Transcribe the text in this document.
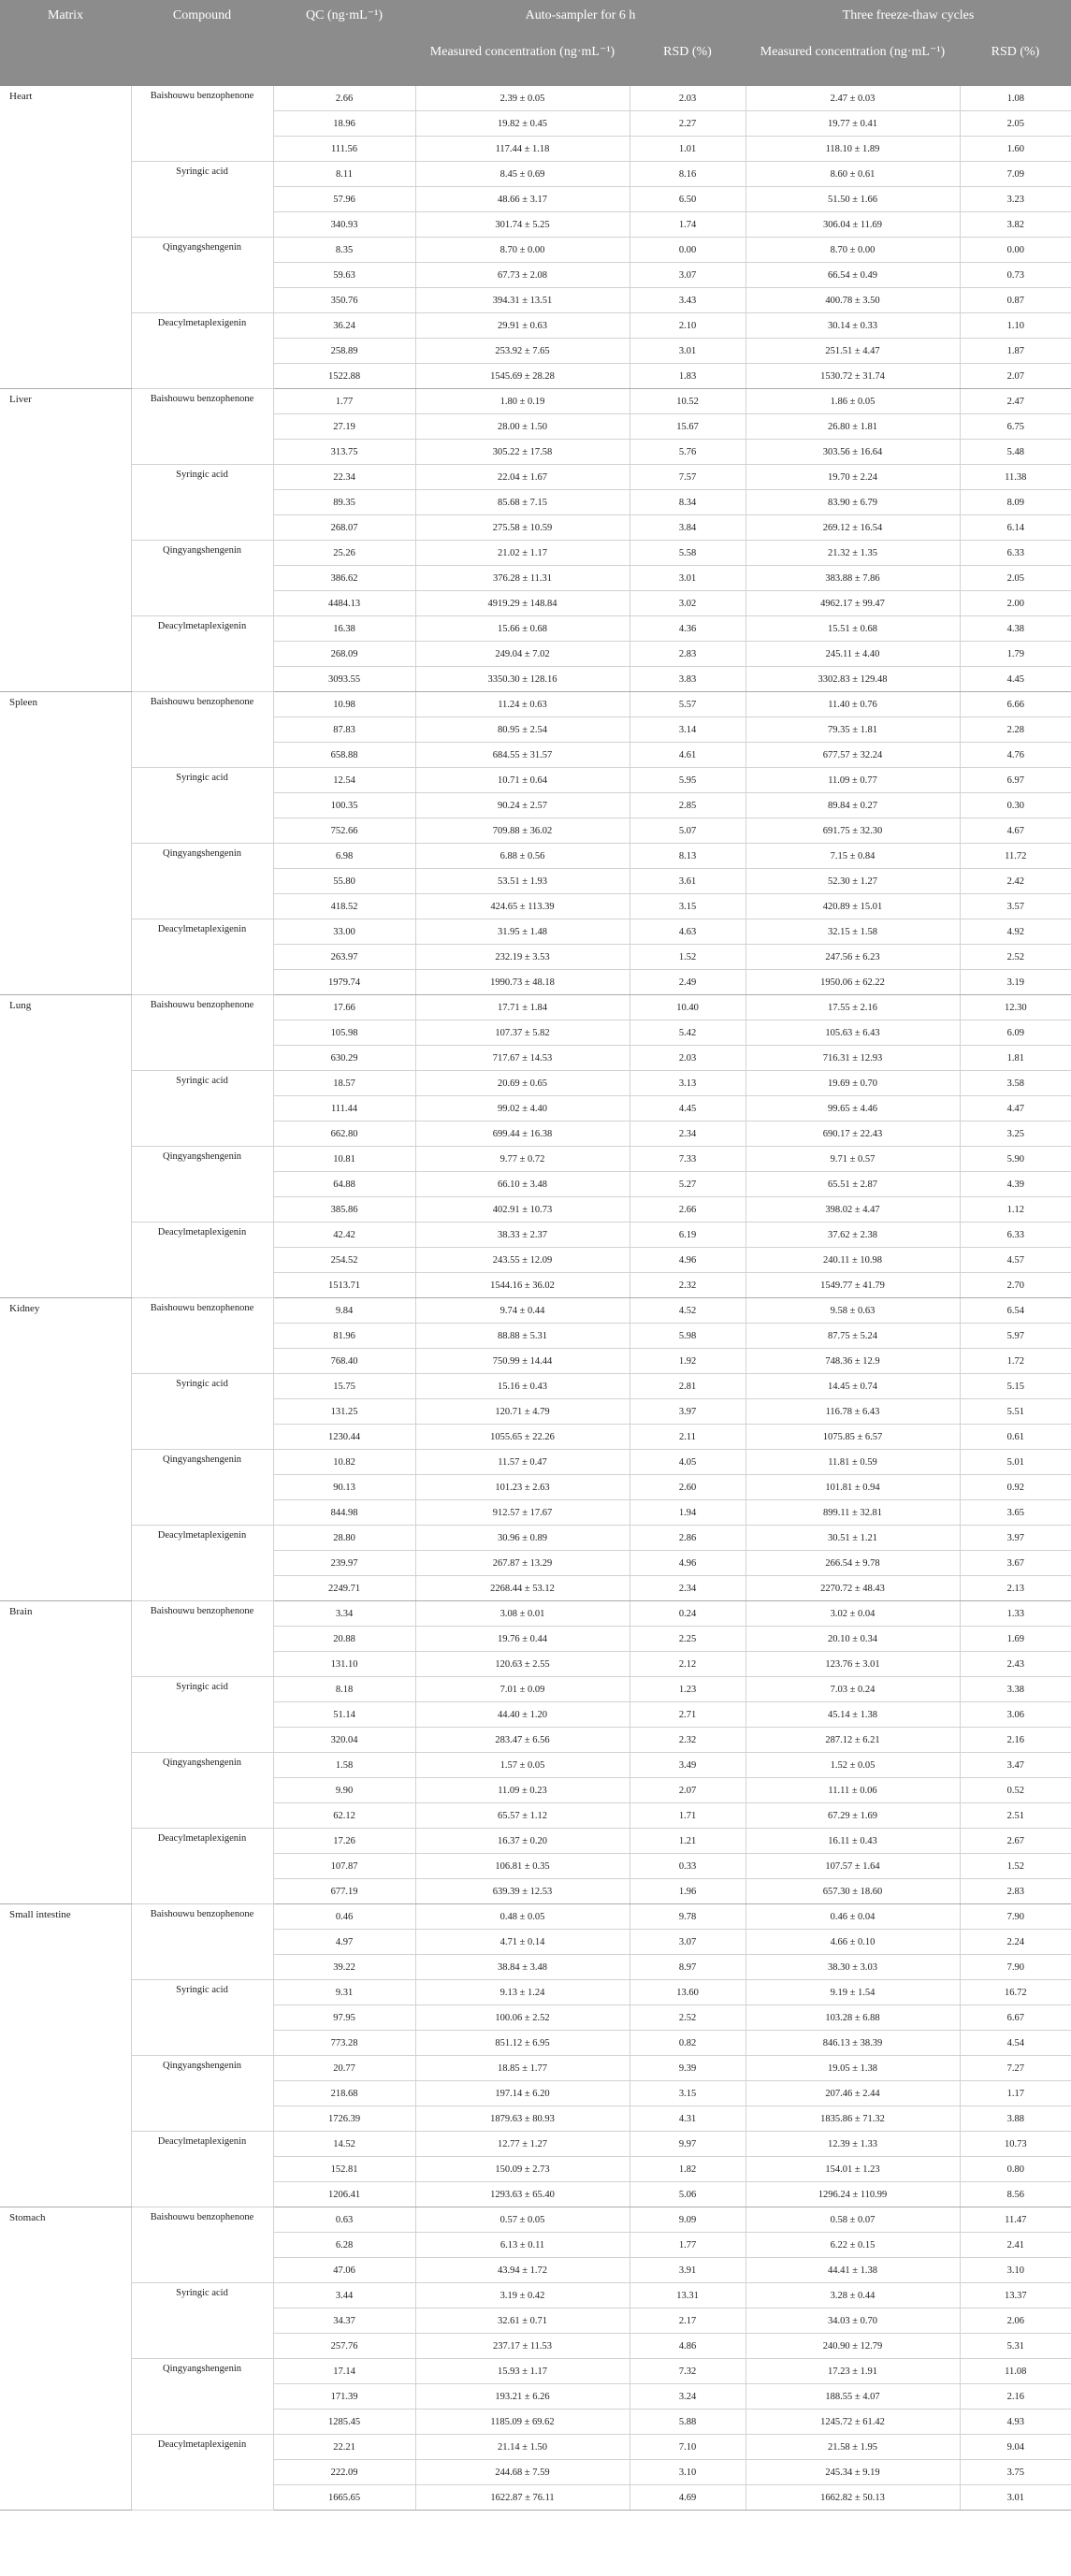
Matrix	Compound	QC (ng·mL⁻¹)	Auto-sampler for 6 h		Three freeze-thaw cycles	
			Measured concentration (ng·mL⁻¹)	RSD (%)	Measured concentration (ng·mL⁻¹)	RSD (%)
Heart	Baishouwu benzophenone	2.66	2.39 ± 0.05	2.03	2.47 ± 0.03	1.08
		18.96	19.82 ± 0.45	2.27	19.77 ± 0.41	2.05
		111.56	117.44 ± 1.18	1.01	118.10 ± 1.89	1.60
	Syringic acid	8.11	8.45 ± 0.69	8.16	8.60 ± 0.61	7.09
		57.96	48.66 ± 3.17	6.50	51.50 ± 1.66	3.23
		340.93	301.74 ± 5.25	1.74	306.04 ± 11.69	3.82
	Qingyangshengenin	8.35	8.70 ± 0.00	0.00	8.70 ± 0.00	0.00
		59.63	67.73 ± 2.08	3.07	66.54 ± 0.49	0.73
		350.76	394.31 ± 13.51	3.43	400.78 ± 3.50	0.87
	Deacylmetaplexigenin	36.24	29.91 ± 0.63	2.10	30.14 ± 0.33	1.10
		258.89	253.92 ± 7.65	3.01	251.51 ± 4.47	1.87
		1522.88	1545.69 ± 28.28	1.83	1530.72 ± 31.74	2.07
Liver	Baishouwu benzophenone	1.77	1.80 ± 0.19	10.52	1.86 ± 0.05	2.47
		27.19	28.00 ± 1.50	15.67	26.80 ± 1.81	6.75
		313.75	305.22 ± 17.58	5.76	303.56 ± 16.64	5.48
	Syringic acid	22.34	22.04 ± 1.67	7.57	19.70 ± 2.24	11.38
		89.35	85.68 ± 7.15	8.34	83.90 ± 6.79	8.09
		268.07	275.58 ± 10.59	3.84	269.12 ± 16.54	6.14
	Qingyangshengenin	25.26	21.02 ± 1.17	5.58	21.32 ± 1.35	6.33
		386.62	376.28 ± 11.31	3.01	383.88 ± 7.86	2.05
		4484.13	4919.29 ± 148.84	3.02	4962.17 ± 99.47	2.00
	Deacylmetaplexigenin	16.38	15.66 ± 0.68	4.36	15.51 ± 0.68	4.38
		268.09	249.04 ± 7.02	2.83	245.11 ± 4.40	1.79
		3093.55	3350.30 ± 128.16	3.83	3302.83 ± 129.48	4.45
Spleen	Baishouwu benzophenone	10.98	11.24 ± 0.63	5.57	11.40 ± 0.76	6.66
		87.83	80.95 ± 2.54	3.14	79.35 ± 1.81	2.28
		658.88	684.55 ± 31.57	4.61	677.57 ± 32.24	4.76
	Syringic acid	12.54	10.71 ± 0.64	5.95	11.09 ± 0.77	6.97
		100.35	90.24 ± 2.57	2.85	89.84 ± 0.27	0.30
		752.66	709.88 ± 36.02	5.07	691.75 ± 32.30	4.67
	Qingyangshengenin	6.98	6.88 ± 0.56	8.13	7.15 ± 0.84	11.72
		55.80	53.51 ± 1.93	3.61	52.30 ± 1.27	2.42
		418.52	424.65 ± 113.39	3.15	420.89 ± 15.01	3.57
	Deacylmetaplexigenin	33.00	31.95 ± 1.48	4.63	32.15 ± 1.58	4.92
		263.97	232.19 ± 3.53	1.52	247.56 ± 6.23	2.52
		1979.74	1990.73 ± 48.18	2.49	1950.06 ± 62.22	3.19
Lung	Baishouwu benzophenone	17.66	17.71 ± 1.84	10.40	17.55 ± 2.16	12.30
		105.98	107.37 ± 5.82	5.42	105.63 ± 6.43	6.09
		630.29	717.67 ± 14.53	2.03	716.31 ± 12.93	1.81
	Syringic acid	18.57	20.69 ± 0.65	3.13	19.69 ± 0.70	3.58
		111.44	99.02 ± 4.40	4.45	99.65 ± 4.46	4.47
		662.80	699.44 ± 16.38	2.34	690.17 ± 22.43	3.25
	Qingyangshengenin	10.81	9.77 ± 0.72	7.33	9.71 ± 0.57	5.90
		64.88	66.10 ± 3.48	5.27	65.51 ± 2.87	4.39
		385.86	402.91 ± 10.73	2.66	398.02 ± 4.47	1.12
	Deacylmetaplexigenin	42.42	38.33 ± 2.37	6.19	37.62 ± 2.38	6.33
		254.52	243.55 ± 12.09	4.96	240.11 ± 10.98	4.57
		1513.71	1544.16 ± 36.02	2.32	1549.77 ± 41.79	2.70
Kidney	Baishouwu benzophenone	9.84	9.74 ± 0.44	4.52	9.58 ± 0.63	6.54
		81.96	88.88 ± 5.31	5.98	87.75 ± 5.24	5.97
		768.40	750.99 ± 14.44	1.92	748.36 ± 12.9	1.72
	Syringic acid	15.75	15.16 ± 0.43	2.81	14.45 ± 0.74	5.15
		131.25	120.71 ± 4.79	3.97	116.78 ± 6.43	5.51
		1230.44	1055.65 ± 22.26	2.11	1075.85 ± 6.57	0.61
	Qingyangshengenin	10.82	11.57 ± 0.47	4.05	11.81 ± 0.59	5.01
		90.13	101.23 ± 2.63	2.60	101.81 ± 0.94	0.92
		844.98	912.57 ± 17.67	1.94	899.11 ± 32.81	3.65
	Deacylmetaplexigenin	28.80	30.96 ± 0.89	2.86	30.51 ± 1.21	3.97
		239.97	267.87 ± 13.29	4.96	266.54 ± 9.78	3.67
		2249.71	2268.44 ± 53.12	2.34	2270.72 ± 48.43	2.13
Brain	Baishouwu benzophenone	3.34	3.08 ± 0.01	0.24	3.02 ± 0.04	1.33
		20.88	19.76 ± 0.44	2.25	20.10 ± 0.34	1.69
		131.10	120.63 ± 2.55	2.12	123.76 ± 3.01	2.43
	Syringic acid	8.18	7.01 ± 0.09	1.23	7.03 ± 0.24	3.38
		51.14	44.40 ± 1.20	2.71	45.14 ± 1.38	3.06
		320.04	283.47 ± 6.56	2.32	287.12 ± 6.21	2.16
	Qingyangshengenin	1.58	1.57 ± 0.05	3.49	1.52 ± 0.05	3.47
		9.90	11.09 ± 0.23	2.07	11.11 ± 0.06	0.52
		62.12	65.57 ± 1.12	1.71	67.29 ± 1.69	2.51
	Deacylmetaplexigenin	17.26	16.37 ± 0.20	1.21	16.11 ± 0.43	2.67
		107.87	106.81 ± 0.35	0.33	107.57 ± 1.64	1.52
		677.19	639.39 ± 12.53	1.96	657.30 ± 18.60	2.83
Small intestine	Baishouwu benzophenone	0.46	0.48 ± 0.05	9.78	0.46 ± 0.04	7.90
		4.97	4.71 ± 0.14	3.07	4.66 ± 0.10	2.24
		39.22	38.84 ± 3.48	8.97	38.30 ± 3.03	7.90
	Syringic acid	9.31	9.13 ± 1.24	13.60	9.19 ± 1.54	16.72
		97.95	100.06 ± 2.52	2.52	103.28 ± 6.88	6.67
		773.28	851.12 ± 6.95	0.82	846.13 ± 38.39	4.54
	Qingyangshengenin	20.77	18.85 ± 1.77	9.39	19.05 ± 1.38	7.27
		218.68	197.14 ± 6.20	3.15	207.46 ± 2.44	1.17
		1726.39	1879.63 ± 80.93	4.31	1835.86 ± 71.32	3.88
	Deacylmetaplexigenin	14.52	12.77 ± 1.27	9.97	12.39 ± 1.33	10.73
		152.81	150.09 ± 2.73	1.82	154.01 ± 1.23	0.80
		1206.41	1293.63 ± 65.40	5.06	1296.24 ± 110.99	8.56
Stomach	Baishouwu benzophenone	0.63	0.57 ± 0.05	9.09	0.58 ± 0.07	11.47
		6.28	6.13 ± 0.11	1.77	6.22 ± 0.15	2.41
		47.06	43.94 ± 1.72	3.91	44.41 ± 1.38	3.10
	Syringic acid	3.44	3.19 ± 0.42	13.31	3.28 ± 0.44	13.37
		34.37	32.61 ± 0.71	2.17	34.03 ± 0.70	2.06
		257.76	237.17 ± 11.53	4.86	240.90 ± 12.79	5.31
	Qingyangshengenin	17.14	15.93 ± 1.17	7.32	17.23 ± 1.91	11.08
		171.39	193.21 ± 6.26	3.24	188.55 ± 4.07	2.16
		1285.45	1185.09 ± 69.62	5.88	1245.72 ± 61.42	4.93
	Deacylmetaplexigenin	22.21	21.14 ± 1.50	7.10	21.58 ± 1.95	9.04
		222.09	244.68 ± 7.59	3.10	245.34 ± 9.19	3.75
		1665.65	1622.87 ± 76.11	4.69	1662.82 ± 50.13	3.01
